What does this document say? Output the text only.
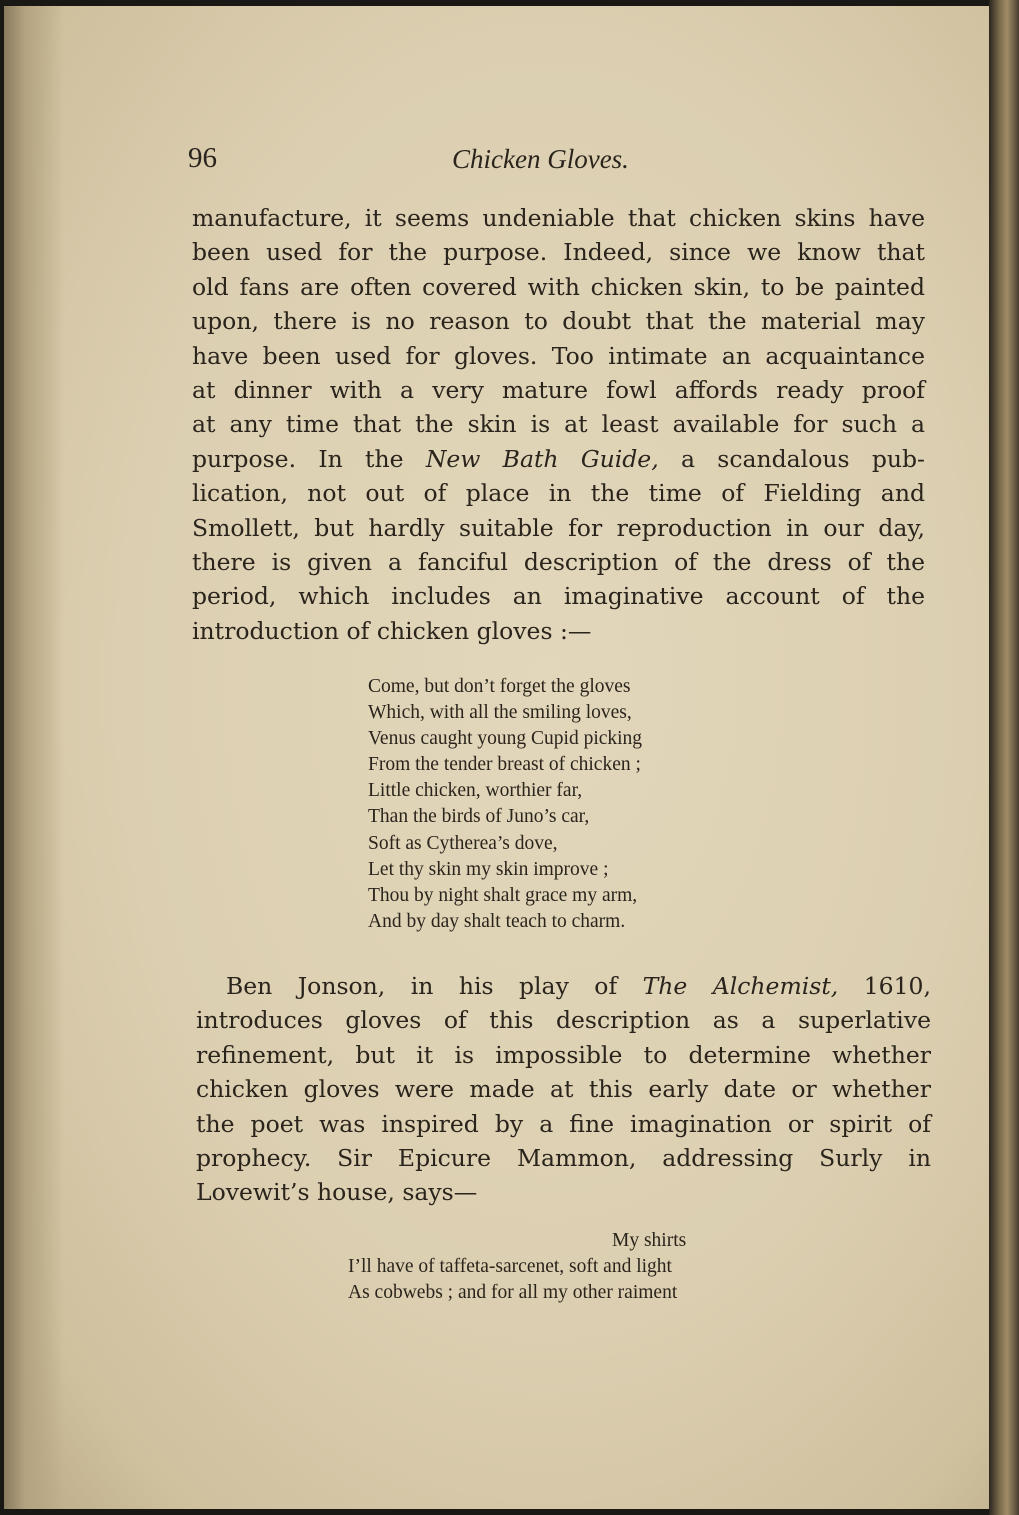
96	Chicken Gloves.
manufacture, it seems undeniable that chicken skins have
been used for the purpose. Indeed, since we know that
old fans are often covered with chicken skin, to be painted
upon, there is no reason to doubt that the material may
have been used for gloves. Too intimate an acquaintance
at dinner with a very mature fowl affords ready proof
at any time that the skin is at least available for such a
purpose. In the New Bath Guide, a scandalous pub-
lication, not out of place in the time of Fielding and
Smollett, but hardly suitable for reproduction in our day,
there is given a fanciful description of the dress of the
period, which includes an imaginative account of the
introduction of chicken gloves :—
Come, but don’t forget the gloves
Which, with all the smiling loves,
Venus caught young Cupid picking
From the tender breast of chicken ;
Little chicken, worthier far,
Than the birds of Juno’s car,
Soft as Cytherea’s dove,
Let thy skin my skin improve ;
Thou by night shalt grace my arm,
And by day shalt teach to charm.
Ben Jonson, in his play of The Alchemist, 1610,
introduces gloves of this description as a superlative
refinement, but it is impossible to determine whether
chicken gloves were made at this early date or whether
the poet was inspired by a fine imagination or spirit of
prophecy. Sir Epicure Mammon, addressing Surly in
Lovewit’s house, says—
My shirts
I’ll have of taffeta-sarcenet, soft and light
As cobwebs ; and for all my other raiment
